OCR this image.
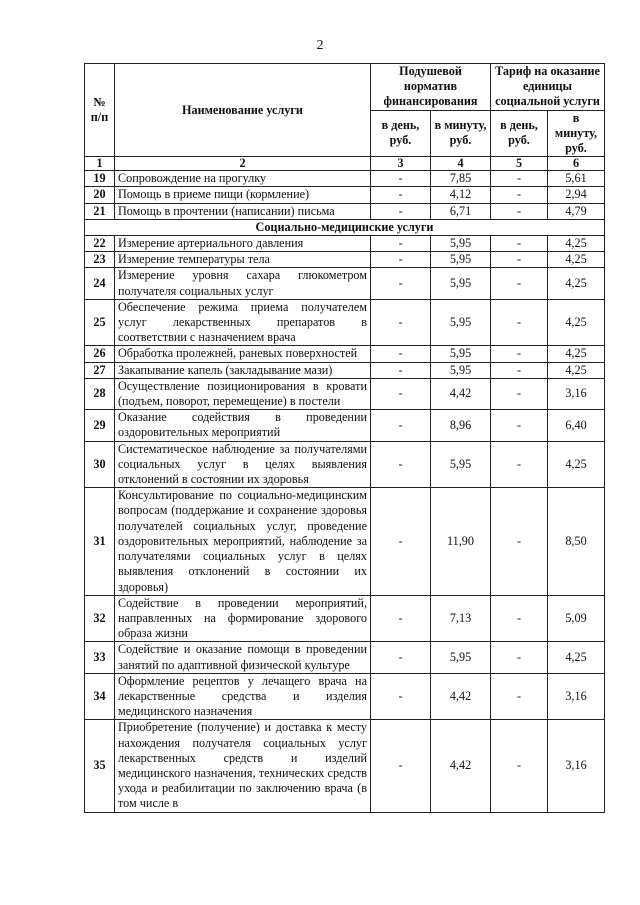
2
№ п/п	Наименование услуги	Подушевой норматив финансирования		Тариф на оказание единицы социальной услуги	
		в день, руб.	в минуту, руб.	в день, руб.	в минуту, руб.
1	2	3	4	5	6
19	Сопровождение на прогулку	-	7,85	-	5,61
20	Помощь в приеме пищи (кормление)	-	4,12	-	2,94
21	Помощь в прочтении (написании) письма	-	6,71	-	4,79
Социально-медицинские услуги					
22	Измерение артериального давления	-	5,95	-	4,25
23	Измерение температуры тела	-	5,95	-	4,25
24	Измерение уровня сахара глюкометром получателя социальных услуг	-	5,95	-	4,25
25	Обеспечение режима приема получателем услуг лекарственных препаратов в соответствии с назначением врача	-	5,95	-	4,25
26	Обработка пролежней, раневых поверхностей	-	5,95	-	4,25
27	Закапывание капель (закладывание мази)	-	5,95	-	4,25
28	Осуществление позиционирования в кровати (подъем, поворот, перемещение) в постели	-	4,42	-	3,16
29	Оказание содействия в проведении оздоровительных мероприятий	-	8,96	-	6,40
30	Систематическое наблюдение за получателями социальных услуг в целях выявления отклонений в состоянии их здоровья	-	5,95	-	4,25
31	Консультирование по социально-медицинским вопросам (поддержание и сохранение здоровья получателей социальных услуг, проведение оздоровительных мероприятий, наблюдение за получателями социальных услуг в целях выявления отклонений в состоянии их здоровья)	-	11,90	-	8,50
32	Содействие в проведении мероприятий, направленных на формирование здорового образа жизни	-	7,13	-	5,09
33	Содействие и оказание помощи в проведении занятий по адаптивной физической культуре	-	5,95	-	4,25
34	Оформление рецептов у лечащего врача на лекарственные средства и изделия медицинского назначения	-	4,42	-	3,16
35	Приобретение (получение) и доставка к месту нахождения получателя социальных услуг лекарственных средств и изделий медицинского назначения, технических средств ухода и реабилитации по заключению врача (в том числе в	-	4,42	-	3,16
